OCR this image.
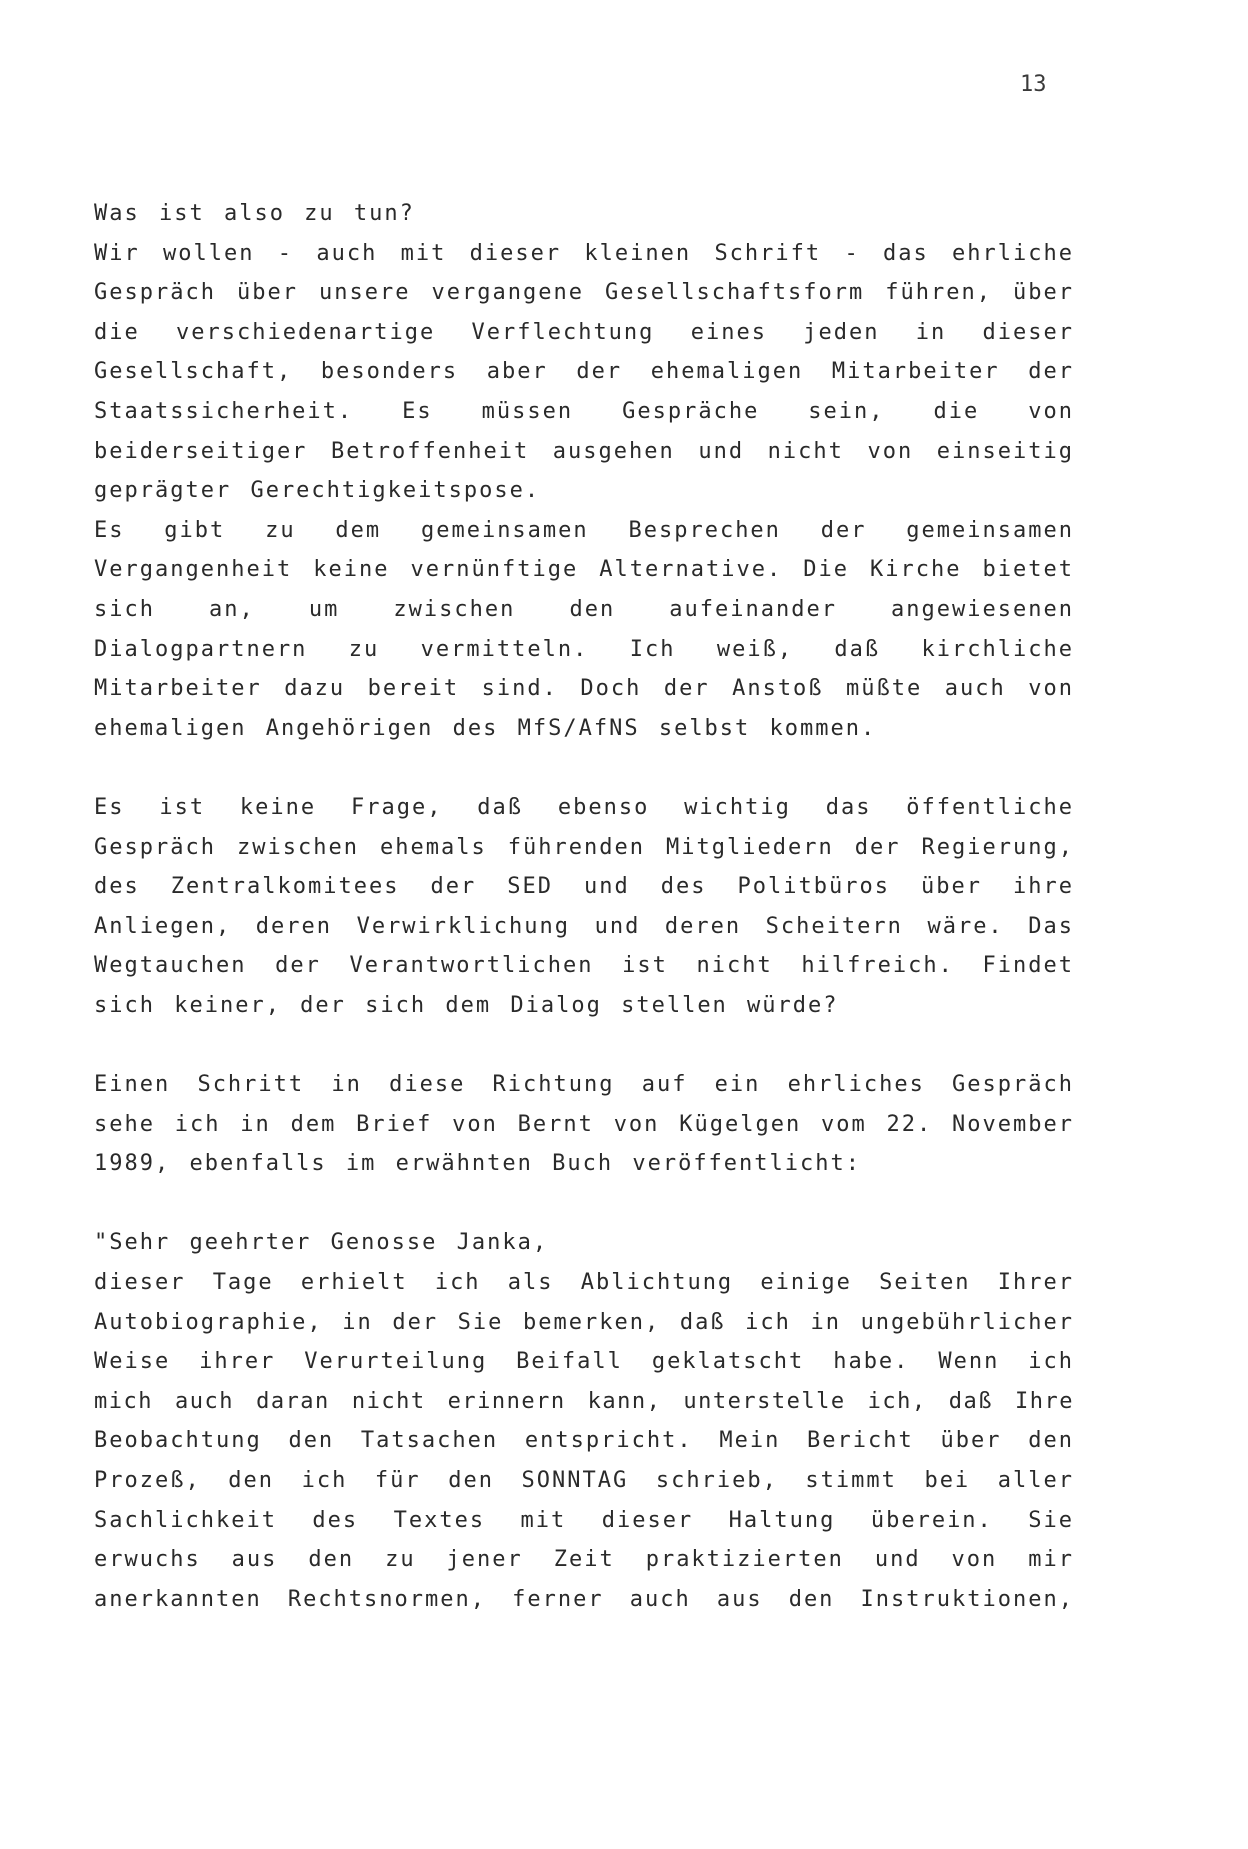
13
Was ist also zu tun?
Wir wollen - auch mit dieser kleinen Schrift - das ehrliche
Gespräch über unsere vergangene Gesellschaftsform führen, über
die verschiedenartige Verflechtung eines jeden in dieser
Gesellschaft, besonders aber der ehemaligen Mitarbeiter der
Staatssicherheit. Es müssen Gespräche sein, die von
beiderseitiger Betroffenheit ausgehen und nicht von einseitig
geprägter Gerechtigkeitspose.
Es gibt zu dem gemeinsamen Besprechen der gemeinsamen
Vergangenheit keine vernünftige Alternative. Die Kirche bietet
sich an, um zwischen den aufeinander angewiesenen
Dialogpartnern zu vermitteln. Ich weiß, daß kirchliche
Mitarbeiter dazu bereit sind. Doch der Anstoß müßte auch von
ehemaligen Angehörigen des MfS/AfNS selbst kommen.
Es ist keine Frage, daß ebenso wichtig das öffentliche
Gespräch zwischen ehemals führenden Mitgliedern der Regierung,
des Zentralkomitees der SED und des Politbüros über ihre
Anliegen, deren Verwirklichung und deren Scheitern wäre. Das
Wegtauchen der Verantwortlichen ist nicht hilfreich. Findet
sich keiner, der sich dem Dialog stellen würde?
Einen Schritt in diese Richtung auf ein ehrliches Gespräch
sehe ich in dem Brief von Bernt von Kügelgen vom 22. November
1989, ebenfalls im erwähnten Buch veröffentlicht:
"Sehr geehrter Genosse Janka,
dieser Tage erhielt ich als Ablichtung einige Seiten Ihrer
Autobiographie, in der Sie bemerken, daß ich in ungebührlicher
Weise ihrer Verurteilung Beifall geklatscht habe. Wenn ich
mich auch daran nicht erinnern kann, unterstelle ich, daß Ihre
Beobachtung den Tatsachen entspricht. Mein Bericht über den
Prozeß, den ich für den SONNTAG schrieb, stimmt bei aller
Sachlichkeit des Textes mit dieser Haltung überein. Sie
erwuchs aus den zu jener Zeit praktizierten und von mir
anerkannten Rechtsnormen, ferner auch aus den Instruktionen,
